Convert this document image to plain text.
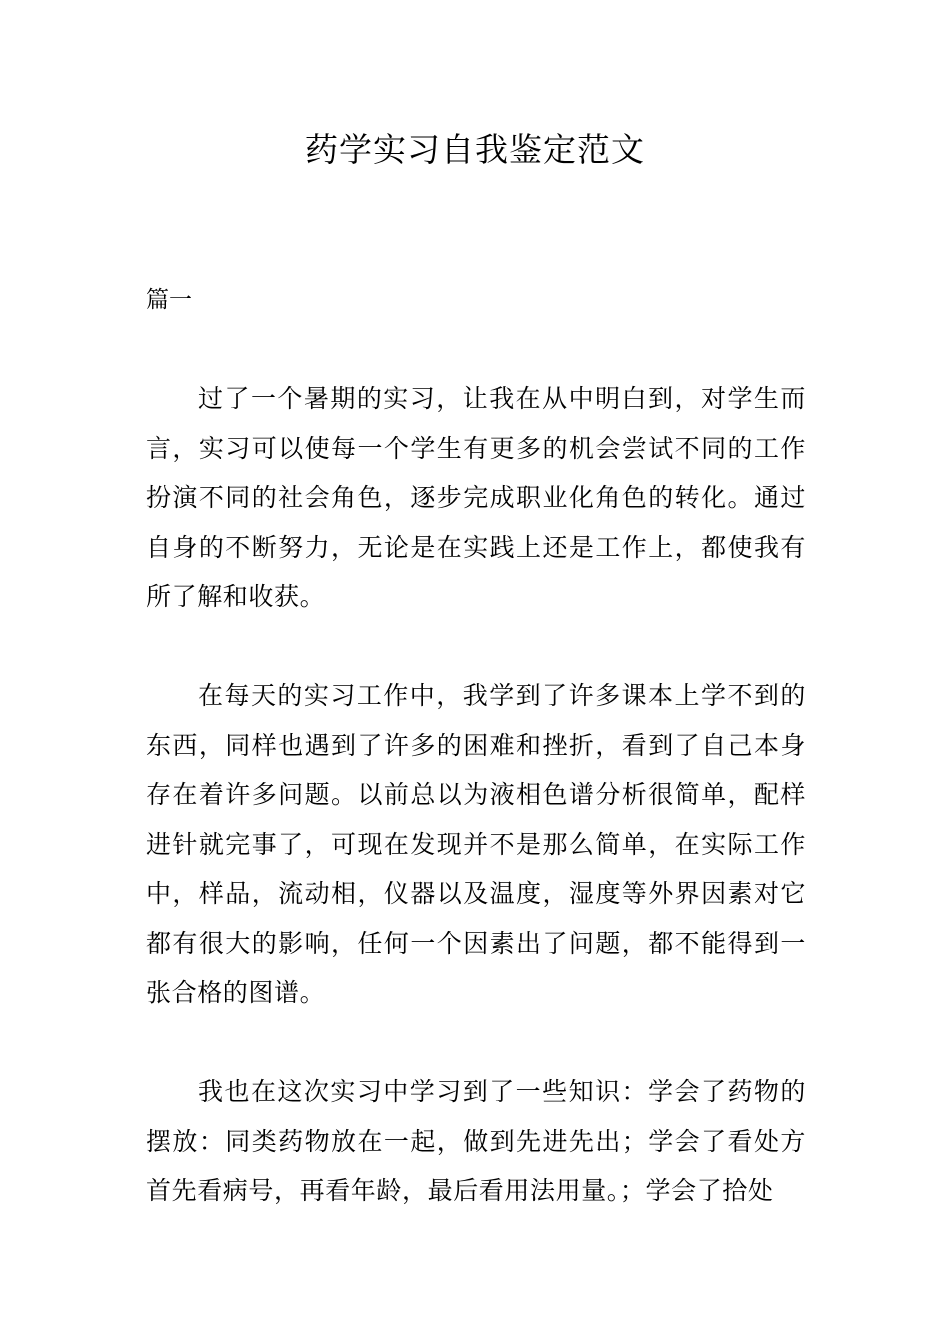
药学实习自我鉴定范文

篇一

过了一个暑期的实习，让我在从中明白到，对学生而言，实习可以使每一个学生有更多的机会尝试不同的工作扮演不同的社会角色，逐步完成职业化角色的转化。通过自身的不断努力，无论是在实践上还是工作上，都使我有所了解和收获。

在每天的实习工作中，我学到了许多课本上学不到的东西，同样也遇到了许多的困难和挫折，看到了自己本身存在着许多问题。以前总以为液相色谱分析很简单，配样进针就完事了，可现在发现并不是那么简单，在实际工作中，样品，流动相，仪器以及温度，湿度等外界因素对它都有很大的影响，任何一个因素出了问题，都不能得到一张合格的图谱。

我也在这次实习中学习到了一些知识：学会了药物的摆放：同类药物放在一起，做到先进先出；学会了看处方首先看病号，再看年龄，最后看用法用量。；学会了拾处
